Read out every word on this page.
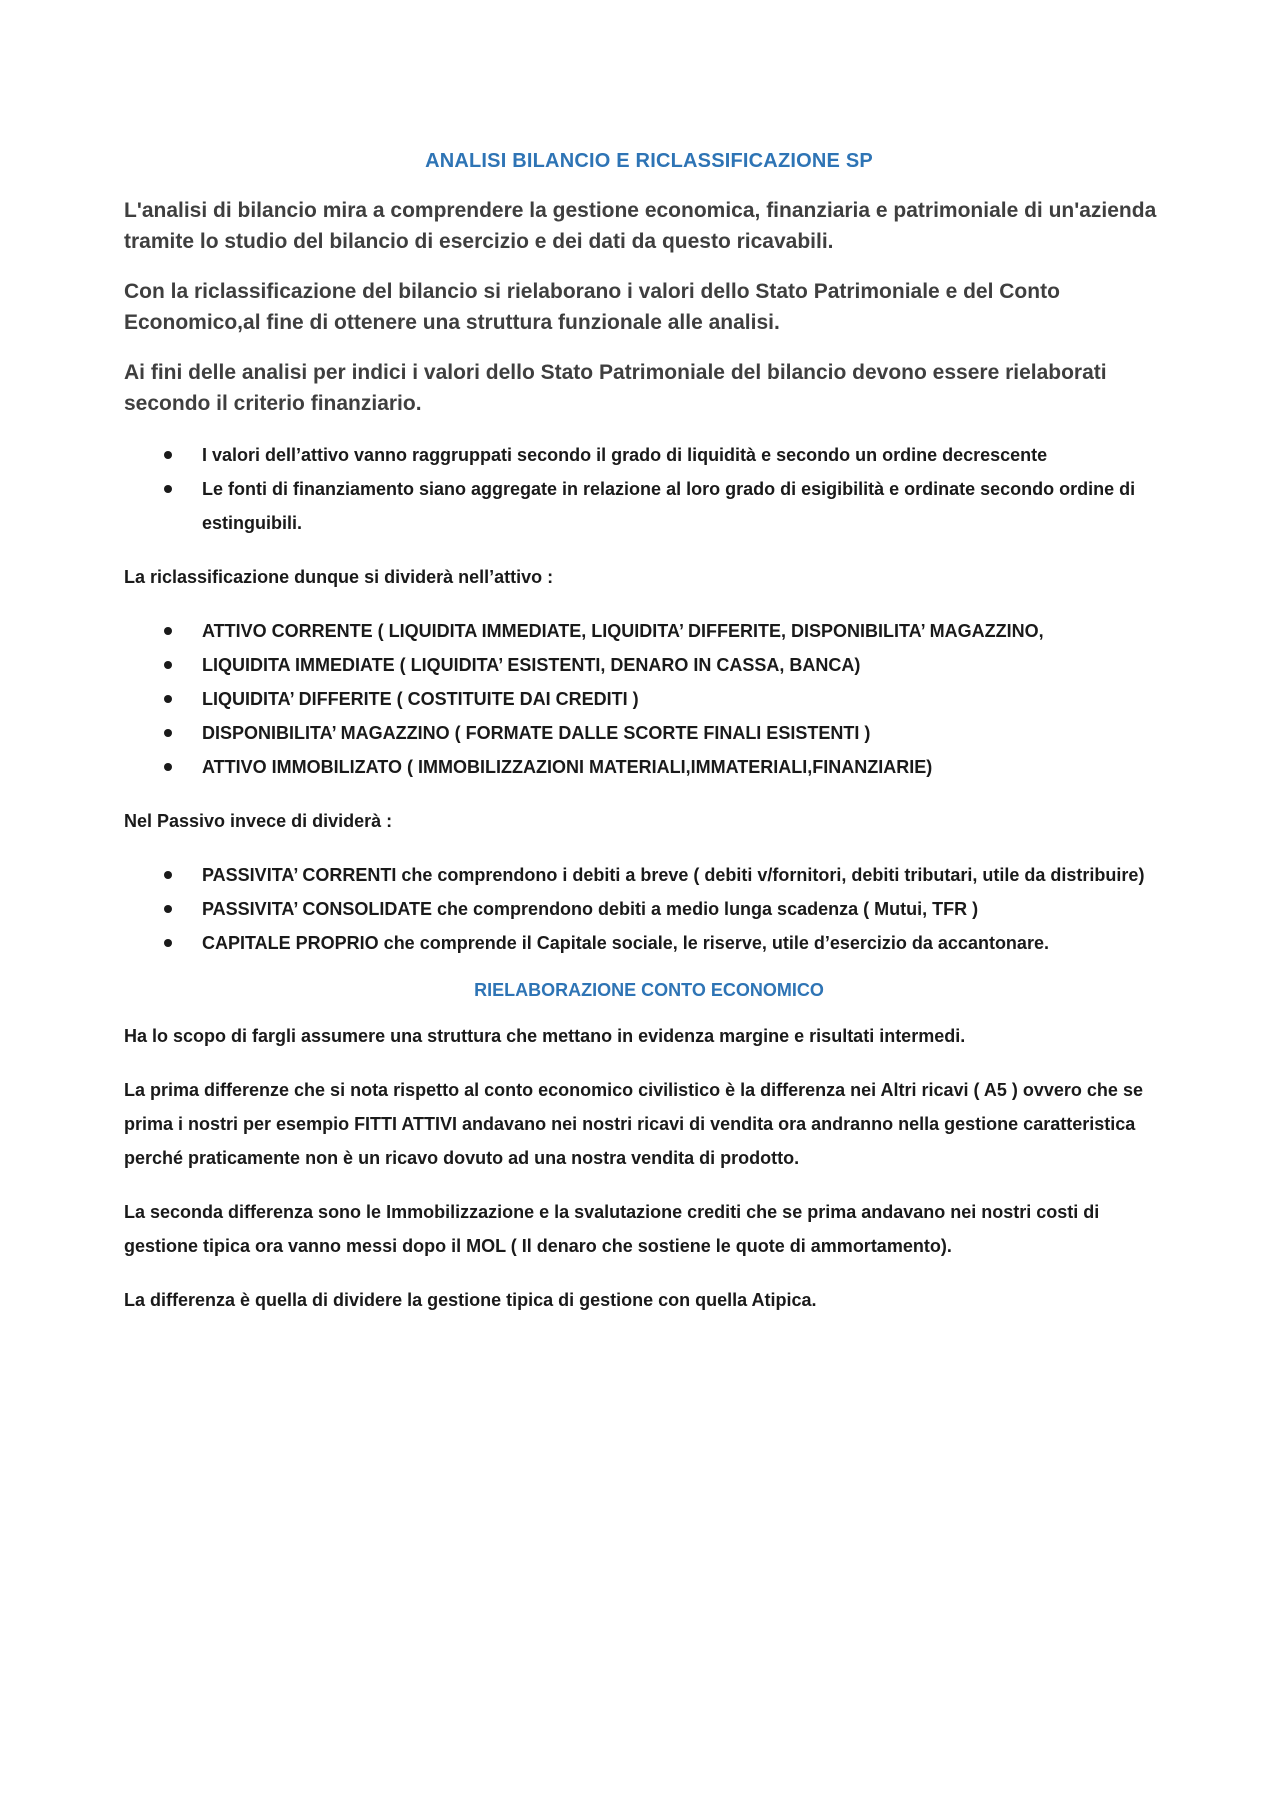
ANALISI BILANCIO E RICLASSIFICAZIONE SP

L'analisi di bilancio mira a comprendere la gestione economica, finanziaria e patrimoniale di un'azienda tramite lo studio del bilancio di esercizio e dei dati da questo ricavabili.

Con la riclassificazione del bilancio si rielaborano i valori dello Stato Patrimoniale e del Conto Economico,al fine di ottenere una struttura funzionale alle analisi.

Ai fini delle analisi per indici i valori dello Stato Patrimoniale del bilancio devono essere rielaborati secondo il criterio finanziario.

I valori dell’attivo vanno raggruppati secondo il grado di liquidità e secondo un ordine decrescente
Le fonti di finanziamento siano aggregate in relazione al loro grado di esigibilità e ordinate secondo ordine di estinguibili.

La riclassificazione dunque si dividerà nell’attivo :

ATTIVO CORRENTE ( LIQUIDITA IMMEDIATE, LIQUIDITA’ DIFFERITE, DISPONIBILITA’ MAGAZZINO,
LIQUIDITA IMMEDIATE ( LIQUIDITA’ ESISTENTI, DENARO IN CASSA, BANCA)
LIQUIDITA’ DIFFERITE ( COSTITUITE DAI CREDITI )
DISPONIBILITA’ MAGAZZINO ( FORMATE DALLE SCORTE FINALI ESISTENTI )
ATTIVO IMMOBILIZATO ( IMMOBILIZZAZIONI MATERIALI,IMMATERIALI,FINANZIARIE)

Nel Passivo invece di dividerà :

PASSIVITA’ CORRENTI che comprendono i debiti a breve ( debiti v/fornitori, debiti tributari, utile da distribuire)
PASSIVITA’ CONSOLIDATE che comprendono debiti a medio lunga scadenza ( Mutui, TFR )
CAPITALE PROPRIO che comprende il Capitale sociale, le riserve, utile d’esercizio da accantonare.
RIELABORAZIONE CONTO ECONOMICO

Ha lo scopo di fargli assumere una struttura che mettano in evidenza margine e risultati intermedi.

La prima differenze che si nota rispetto al conto economico civilistico è la differenza nei Altri ricavi ( A5 ) ovvero che se prima i nostri per esempio FITTI ATTIVI andavano nei nostri ricavi di vendita ora andranno nella gestione caratteristica perché praticamente non è un ricavo dovuto ad una nostra vendita di prodotto.

La seconda differenza sono le Immobilizzazione e la svalutazione crediti che se prima andavano nei nostri costi di gestione tipica ora vanno messi dopo il MOL ( Il denaro che sostiene le quote di ammortamento).

La differenza è quella di dividere la gestione tipica di gestione con quella Atipica.
